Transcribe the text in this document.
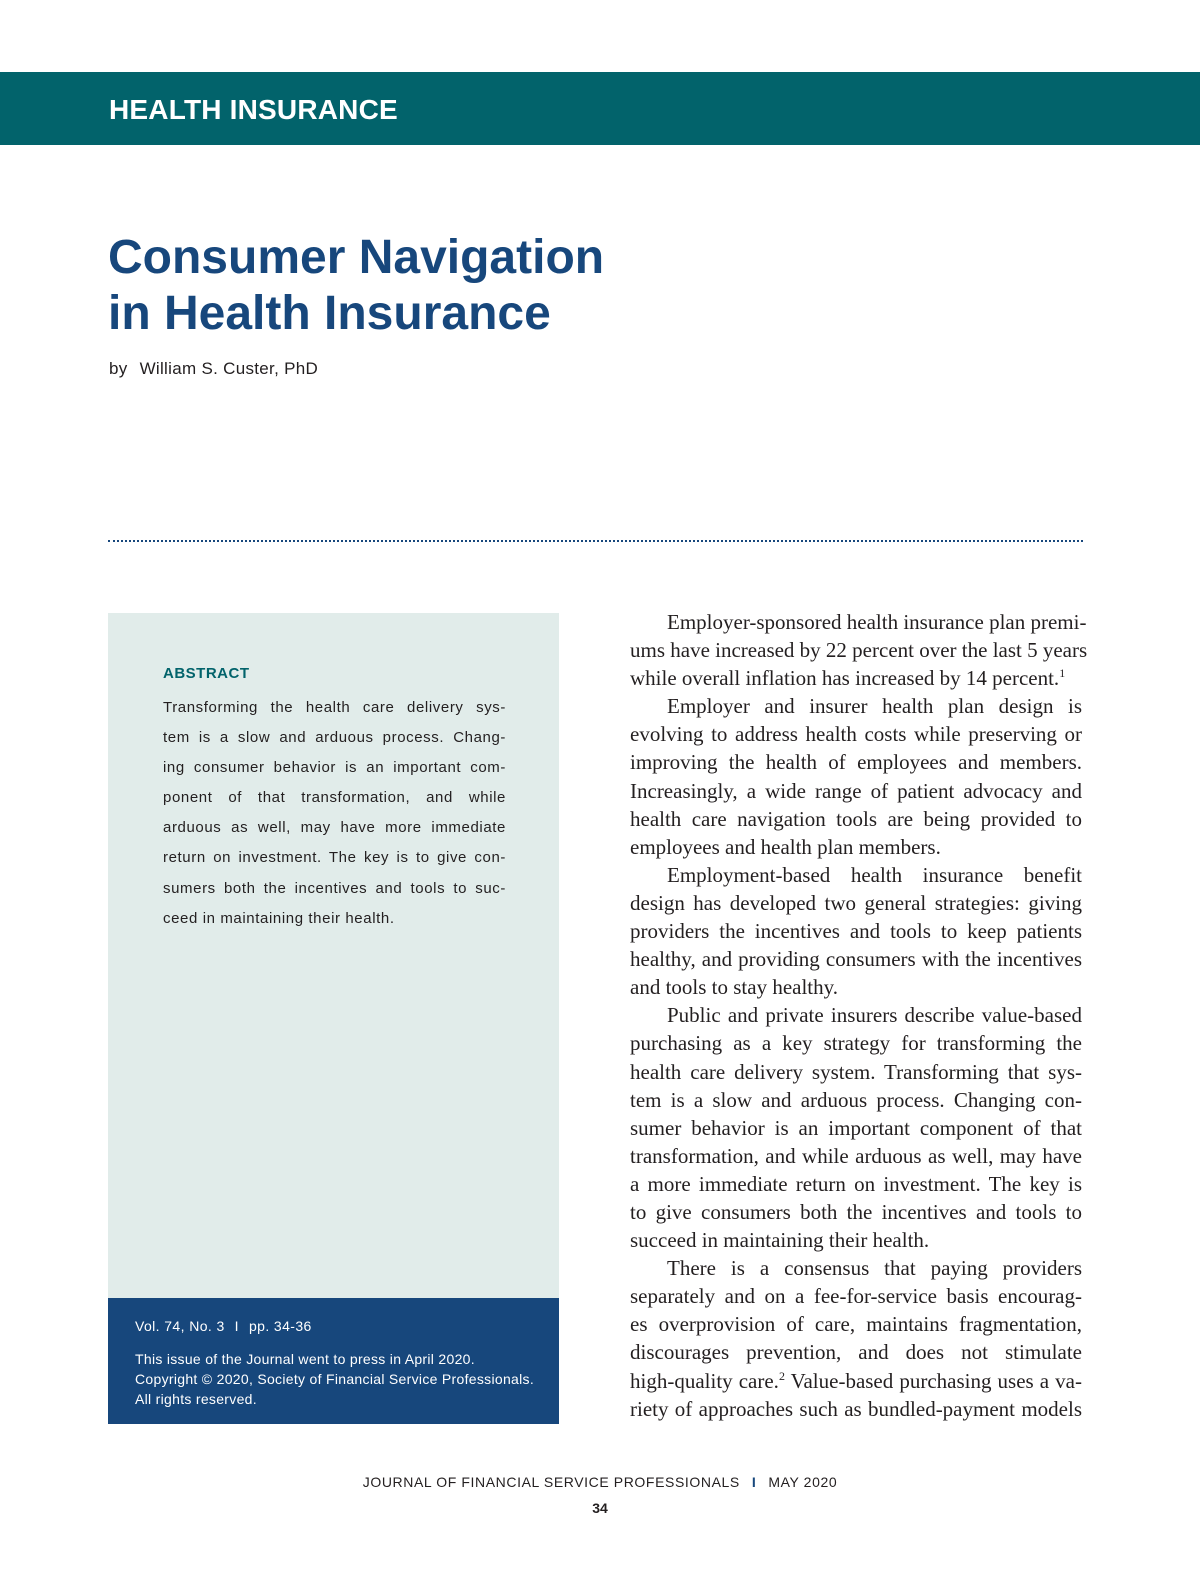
HEALTH INSURANCE
Consumer Navigation
in Health Insurance
by William S. Custer, PhD
ABSTRACT
Transforming the health care delivery sys-
tem is a slow and arduous process. Chang-
ing consumer behavior is an important com-
ponent of that transformation, and while
arduous as well, may have more immediate
return on investment. The key is to give con-
sumers both the incentives and tools to suc-
ceed in maintaining their health.
Vol. 74, No. 3 I pp. 34-36
This issue of the Journal went to press in April 2020.
Copyright © 2020, Society of Financial Service Professionals.
All rights reserved.
Employer-sponsored health insurance plan premi-
ums have increased by 22 percent over the last 5 years
while overall inflation has increased by 14 percent.$^1$
Employer and insurer health plan design is
evolving to address health costs while preserving or
improving the health of employees and members.
Increasingly, a wide range of patient advocacy and
health care navigation tools are being provided to
employees and health plan members.
Employment-based health insurance benefit
design has developed two general strategies: giving
providers the incentives and tools to keep patients
healthy, and providing consumers with the incentives
and tools to stay healthy.
Public and private insurers describe value-based
purchasing as a key strategy for transforming the
health care delivery system. Transforming that sys-
tem is a slow and arduous process. Changing con-
sumer behavior is an important component of that
transformation, and while arduous as well, may have
a more immediate return on investment. The key is
to give consumers both the incentives and tools to
succeed in maintaining their health.
There is a consensus that paying providers
separately and on a fee-for-service basis encourag-
es overprovision of care, maintains fragmentation,
discourages prevention, and does not stimulate
high-quality care.$^2$ Value-based purchasing uses a va-
riety of approaches such as bundled-payment models
JOURNAL OF FINANCIAL SERVICE PROFESSIONALS I MAY 2020
34
